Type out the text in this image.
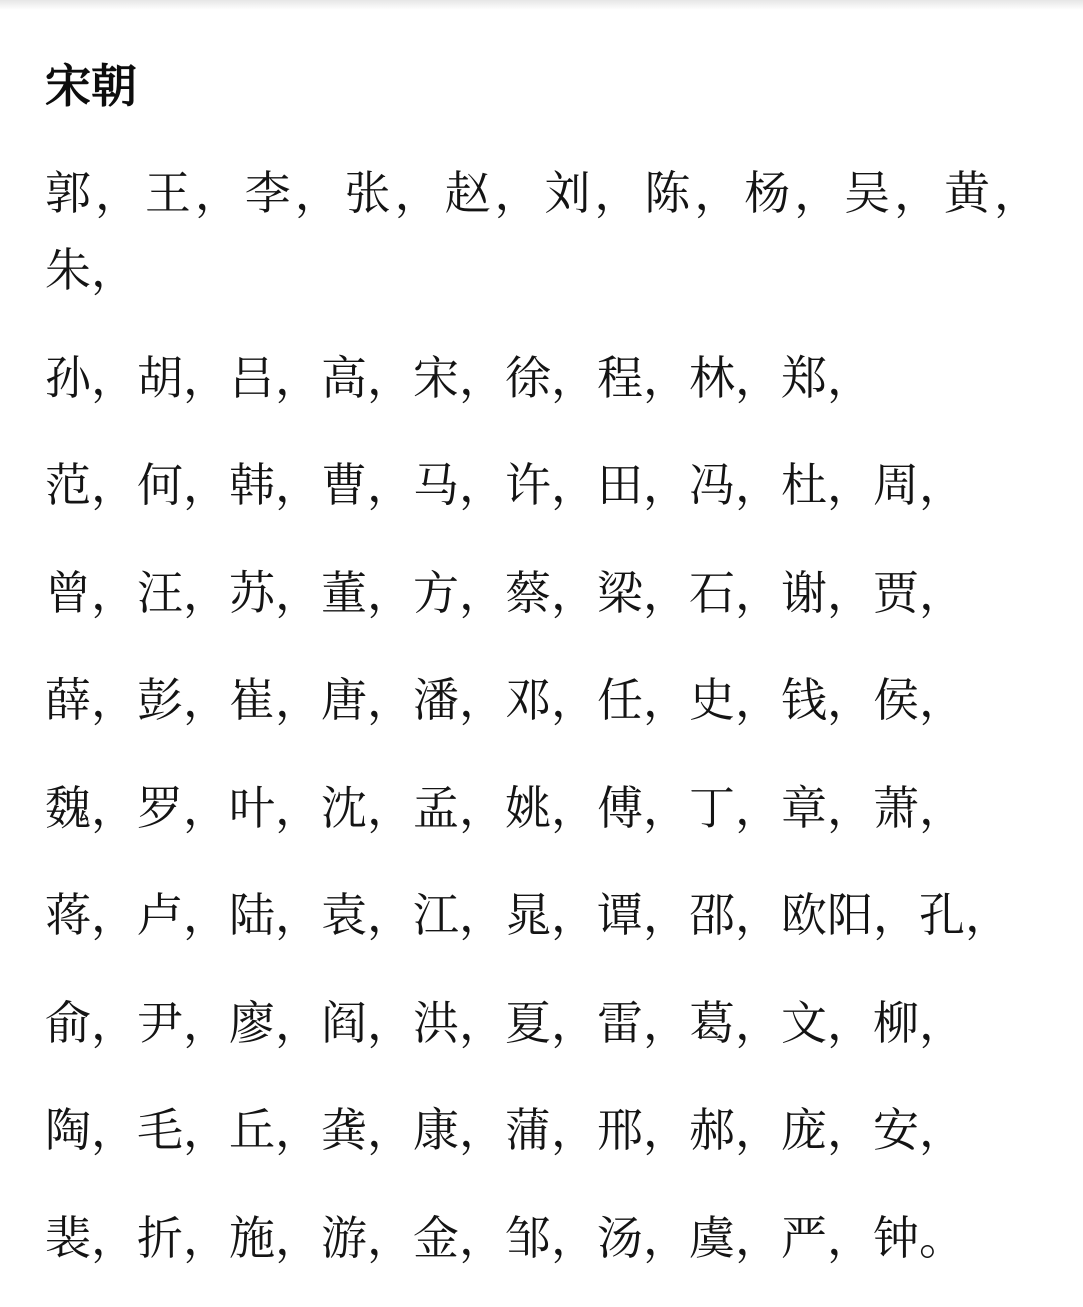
宋朝

郭，王，李，张，赵，刘，陈，杨，吴，黄，朱，

孙，胡，吕，高，宋，徐，程，林，郑，

范，何，韩，曹，马，许，田，冯，杜，周，

曾，汪，苏，董，方，蔡，梁，石，谢，贾，

薛，彭，崔，唐，潘，邓，任，史，钱，侯，

魏，罗，叶，沈，孟，姚，傅，丁，章，萧，

蒋，卢，陆，袁，江，晁，谭，邵，欧阳，孔，

俞，尹，廖，阎，洪，夏，雷，葛，文，柳，

陶，毛，丘，龚，康，蒲，邢，郝，庞，安，

裴，折，施，游，金，邹，汤，虞，严，钟。
